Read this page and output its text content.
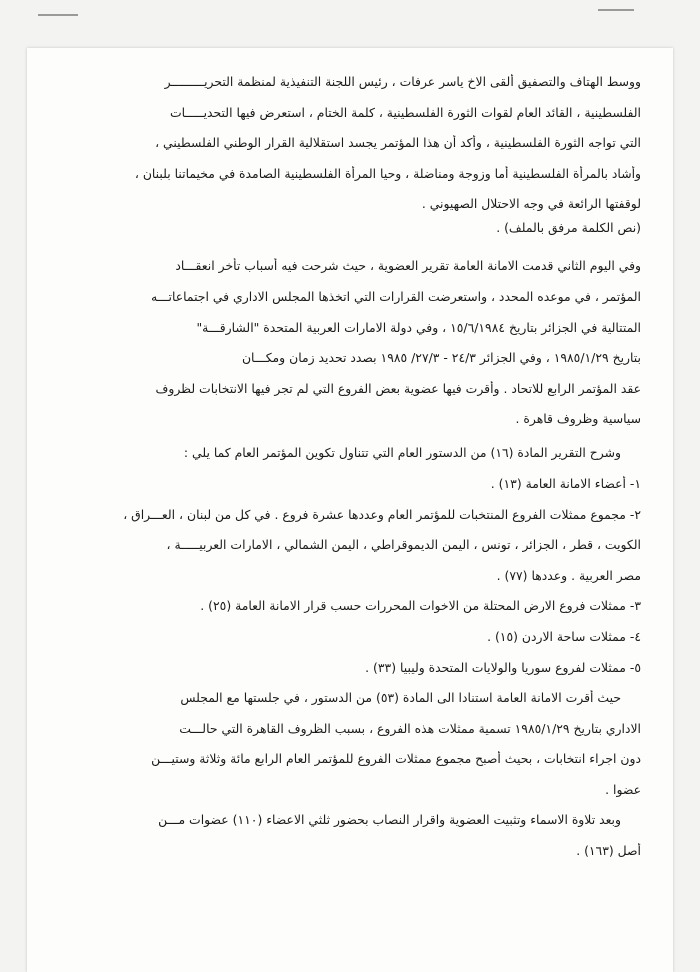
ووسط الهتاف والتصفيق ألقى الاخ ياسر عرفات ، رئيس اللجنة التنفيذية لمنظمة التحريـــــــــر
الفلسطينية ، القائد العام لقوات الثورة الفلسطينية ، كلمة الختام ، استعرض فيها التحديـــــات
التي تواجه الثورة الفلسطينية ، وأكد أن هذا المؤتمر يجسد استقلالية القرار الوطني الفلسطيني ،
وأشاد بالمرأة الفلسطينية أما وزوجة ومناضلة ، وحيا المرأة الفلسطينية الصامدة في مخيماتنا بلبنان ،
لوقفتها الرائعة في وجه الاحتلال الصهيوني .
(نص الكلمة مرفق بالملف) .
وفي اليوم الثاني قدمت الامانة العامة تقرير العضوية ، حيث شرحت فيه أسباب تأخر انعقـــاد
المؤتمر ، في موعده المحدد ، واستعرضت القرارات التي اتخذها المجلس الاداري في اجتماعاتـــه
المتتالية في الجزائر بتاريخ ١٥/٦/١٩٨٤ ، وفي دولة الامارات العربية المتحدة "الشارقـــة"
بتاريخ ١٩٨٥/١/٢٩ ، وفي الجزائر ٢٤/٣ - ٢٧/٣/ ١٩٨٥ بصدد تحديد زمان ومكـــان
عقد المؤتمر الرابع للاتحاد . وأقرت فيها عضوية بعض الفروع التي لم تجر فيها الانتخابات لظروف
سياسية وظروف قاهرة .
وشرح التقرير المادة (١٦) من الدستور العام التي تتناول تكوين المؤتمر العام كما يلي :
١- أعضاء الامانة العامة (١٣) .
٢- مجموع ممثلات الفروع المنتخبات للمؤتمر العام وعددها عشرة فروع . في كل من لبنان ، العـــراق ،
الكويت ، قطر ، الجزائر ، تونس ، اليمن الديموقراطي ، اليمن الشمالي ، الامارات العربيـــــة ،
مصر العربية . وعددها (٧٧) .
٣- ممثلات فروع الارض المحتلة من الاخوات المحررات حسب قرار الامانة العامة (٢٥) .
٤- ممثلات ساحة الاردن (١٥) .
٥- ممثلات لفروع سوريا والولايات المتحدة وليبيا (٣٣) .
حيث أقرت الامانة العامة استنادا الى المادة (٥٣) من الدستور ، في جلستها مع المجلس
الاداري بتاريخ ١٩٨٥/١/٢٩ تسمية ممثلات هذه الفروع ، بسبب الظروف القاهرة التي حالـــت
دون اجراء انتخابات ، بحيث أصبح مجموع ممثلات الفروع للمؤتمر العام الرابع مائة وثلاثة وستيـــن
عضوا .
وبعد تلاوة الاسماء وتثبيت العضوية واقرار النصاب بحضور ثلثي الاعضاء (١١٠) عضوات مـــن
أصل (١٦٣) .
